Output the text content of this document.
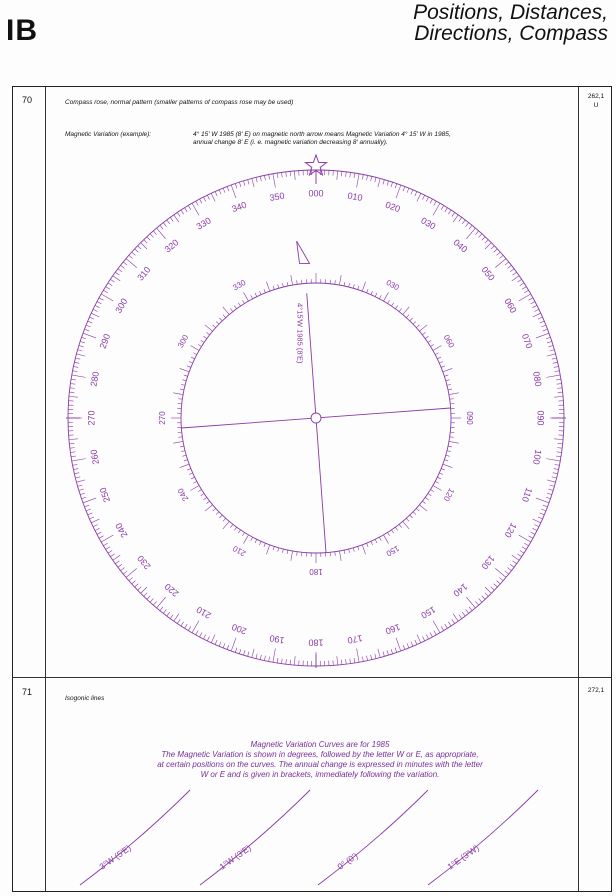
IB
Positions, Distances,
Directions, Compass
70	Compass rose, normal pattern (smaller patterns of compass rose may be used)
Magnetic Variation (example):	4° 15' W 1985 (8' E) on magnetic north arrow means Magnetic Variation 4° 15' W in 1985,
annual change 8' E (i. e. magnetic variation decreasing 8' annually).
262,1
U
71
Isogonic lines
272,1
000	010
020
030
040
050
060
070
080
090
100
110
120
130
140
150
160
170
180
190
200
210
220
230
240
250
260
270
280
290
300
310
320
330
340
350
030
060
090
120
150
180
210
240
270
300
330
4°15'W 1985 (8'E)
Magnetic Variation Curves are for 1985
The Magnetic Variation is shown in degrees, followed by the letter W or E, as appropriate,
at certain positions on the curves. The annual change is expressed in minutes with the letter
W or E and is given in brackets, immediately following the variation.
3°W (5'E)	1°W (3'E)	0° (0')	1°E (3'W)
